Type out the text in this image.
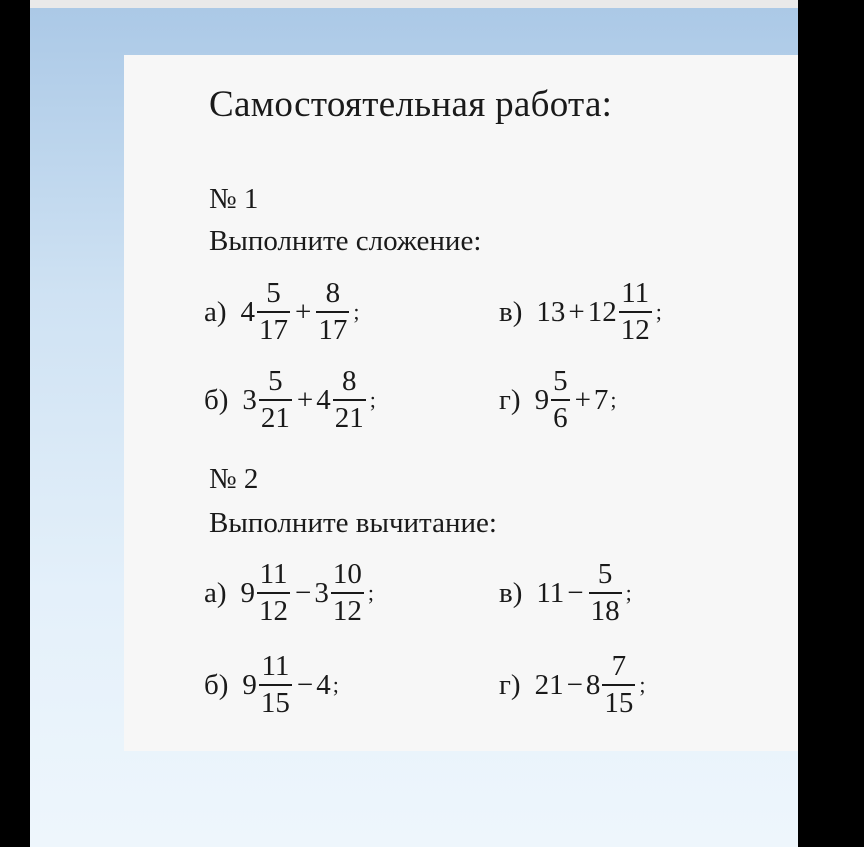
Самостоятельная работа:
№ 1
Выполните сложение:
а) $4 \frac{5}{17} + \frac{8}{17}$ ;	в) $13 + 12 \frac{11}{12}$ ;
б) $3 \frac{5}{21} + 4 \frac{8}{21}$ ;	г) $9 \frac{5}{6} + 7$ ;
№ 2
Выполните вычитание:
а) $9 \frac{11}{12} - 3 \frac{10}{12}$ ;	в) $11 - \frac{5}{18}$ ;
б) $9 \frac{11}{15} - 4$ ;	г) $21 - 8 \frac{7}{15}$ ;
